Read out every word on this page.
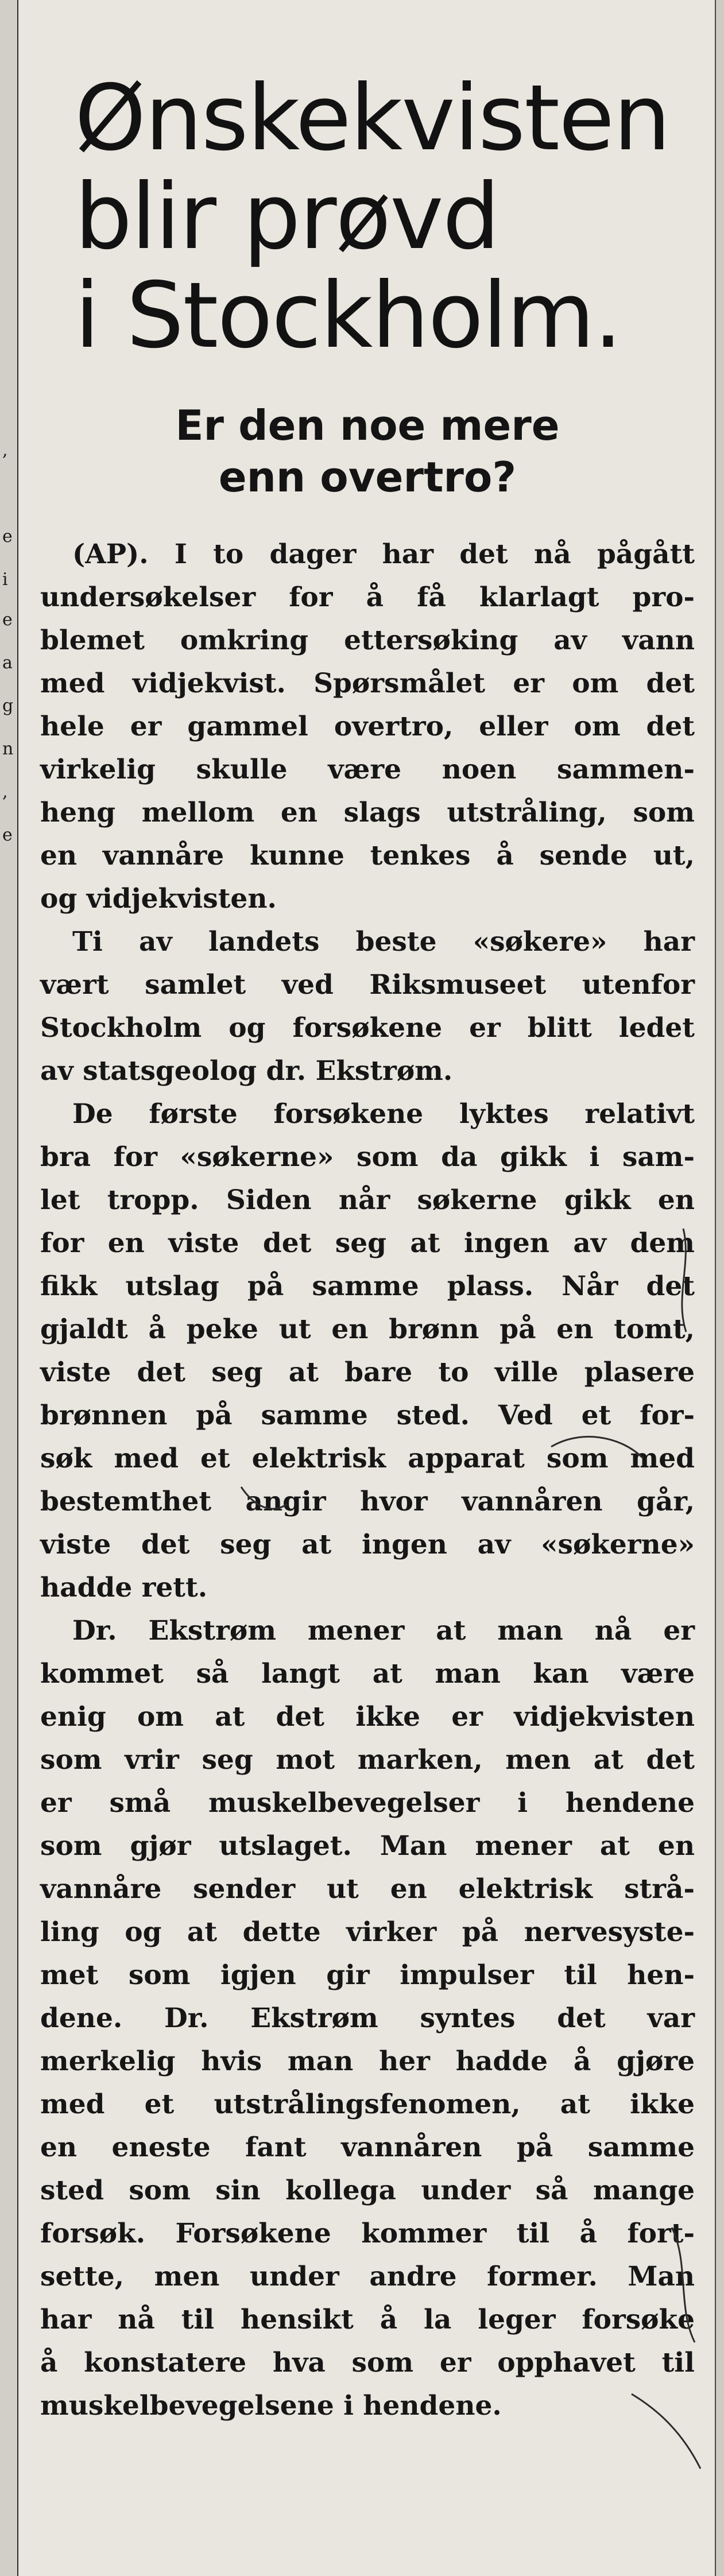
,
e
i
e
a
g
n
,
e
Ønskekvisten
blir prøvd
i Stockholm.
Er den noe mere
enn overtro?

(AP). I to dager har det nå pågått
undersøkelser for å få klarlagt pro-
blemet omkring ettersøking av vann
med vidjekvist. Spørsmålet er om det
hele er gammel overtro, eller om det
virkelig skulle være noen sammen-
heng mellom en slags utstråling, som
en vannåre kunne tenkes å sende ut,
og vidjekvisten.

Ti av landets beste «søkere» har
vært samlet ved Riksmuseet utenfor
Stockholm og forsøkene er blitt ledet
av statsgeolog dr. Ekstrøm.

De første forsøkene lyktes relativt
bra for «søkerne» som da gikk i sam-
let tropp. Siden når søkerne gikk en
for en viste det seg at ingen av dem
fikk utslag på samme plass. Når det
gjaldt å peke ut en brønn på en tomt,
viste det seg at bare to ville plasere
brønnen på samme sted. Ved et for-
søk med et elektrisk apparat som med
bestemthet angir hvor vannåren går,
viste det seg at ingen av «søkerne»
hadde rett.

Dr. Ekstrøm mener at man nå er
kommet så langt at man kan være
enig om at det ikke er vidjekvisten
som vrir seg mot marken, men at det
er små muskelbevegelser i hendene
som gjør utslaget. Man mener at en
vannåre sender ut en elektrisk strå-
ling og at dette virker på nervesyste-
met som igjen gir impulser til hen-
dene. Dr. Ekstrøm syntes det var
merkelig hvis man her hadde å gjøre
med et utstrålingsfenomen, at ikke
en eneste fant vannåren på samme
sted som sin kollega under så mange
forsøk. Forsøkene kommer til å fort-
sette, men under andre former. Man
har nå til hensikt å la leger forsøke
å konstatere hva som er opphavet til
muskelbevegelsene i hendene.
